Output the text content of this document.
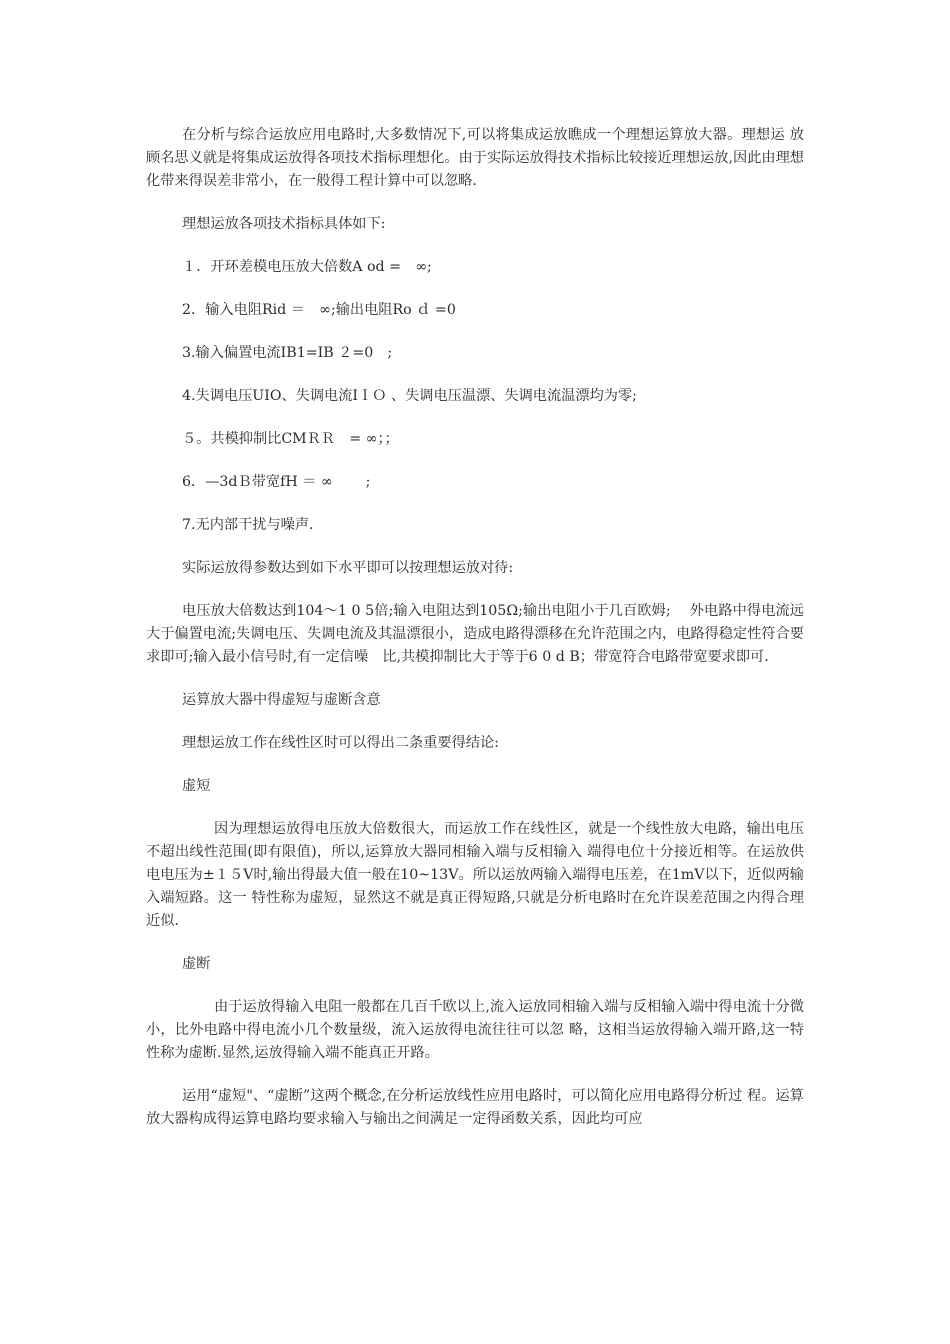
在分析与综合运放应用电路时,大多数情况下,可以将集成运放瞧成一个理想运算放大器。理想运 放顾名思义就是将集成运放得各项技术指标理想化。由于实际运放得技术指标比较接近理想运放,因此由理想化带来得误差非常小，在一般得工程计算中可以忽略.

理想运放各项技术指标具体如下:

１．开环差模电压放大倍数A od =　∞;

2．输入电阻Rid ＝　∞;输出电阻Ro ｄ =0

3.输入偏置电流IB1=IB ２=0　;

4.失调电压UIO、失调电流IＩＯ 、失调电压温漂、失调电流温漂均为零;

５。共模抑制比CMＲＲ　= ∞；；

6．—3dＢ带宽fH ＝ ∞　　 ;

7.无内部干扰与噪声.

实际运放得参数达到如下水平即可以按理想运放对待:

电压放大倍数达到104～1 0 5倍;输入电阻达到105Ω;输出电阻小于几百欧姆;　 外电路中得电流远大于偏置电流;失调电压、失调电流及其温漂很小，造成电路得漂移在允许范围之内，电路得稳定性符合要求即可;输入最小信号时,有一定信噪　比,共模抑制比大于等于6 0 d B；带宽符合电路带宽要求即可.

运算放大器中得虚短与虚断含意

理想运放工作在线性区时可以得出二条重要得结论:

虚短

因为理想运放得电压放大倍数很大，而运放工作在线性区，就是一个线性放大电路，输出电压不超出线性范围(即有限值)，所以,运算放大器同相输入端与反相输入 端得电位十分接近相等。在运放供电电压为±１５V时,输出得最大值一般在10~13V。所以运放两输入端得电压差，在1mV以下，近似两输入端短路。这一 特性称为虚短，显然这不就是真正得短路,只就是分析电路时在允许误差范围之内得合理近似.

虚断

由于运放得输入电阻一般都在几百千欧以上,流入运放同相输入端与反相输入端中得电流十分微小，比外电路中得电流小几个数量级，流入运放得电流往往可以忽 略，这相当运放得输入端开路,这一特性称为虚断.显然,运放得输入端不能真正开路。

运用“虚短"、“虚断”这两个概念,在分析运放线性应用电路时，可以简化应用电路得分析过 程。运算放大器构成得运算电路均要求输入与输出之间满足一定得函数关系，因此均可应
